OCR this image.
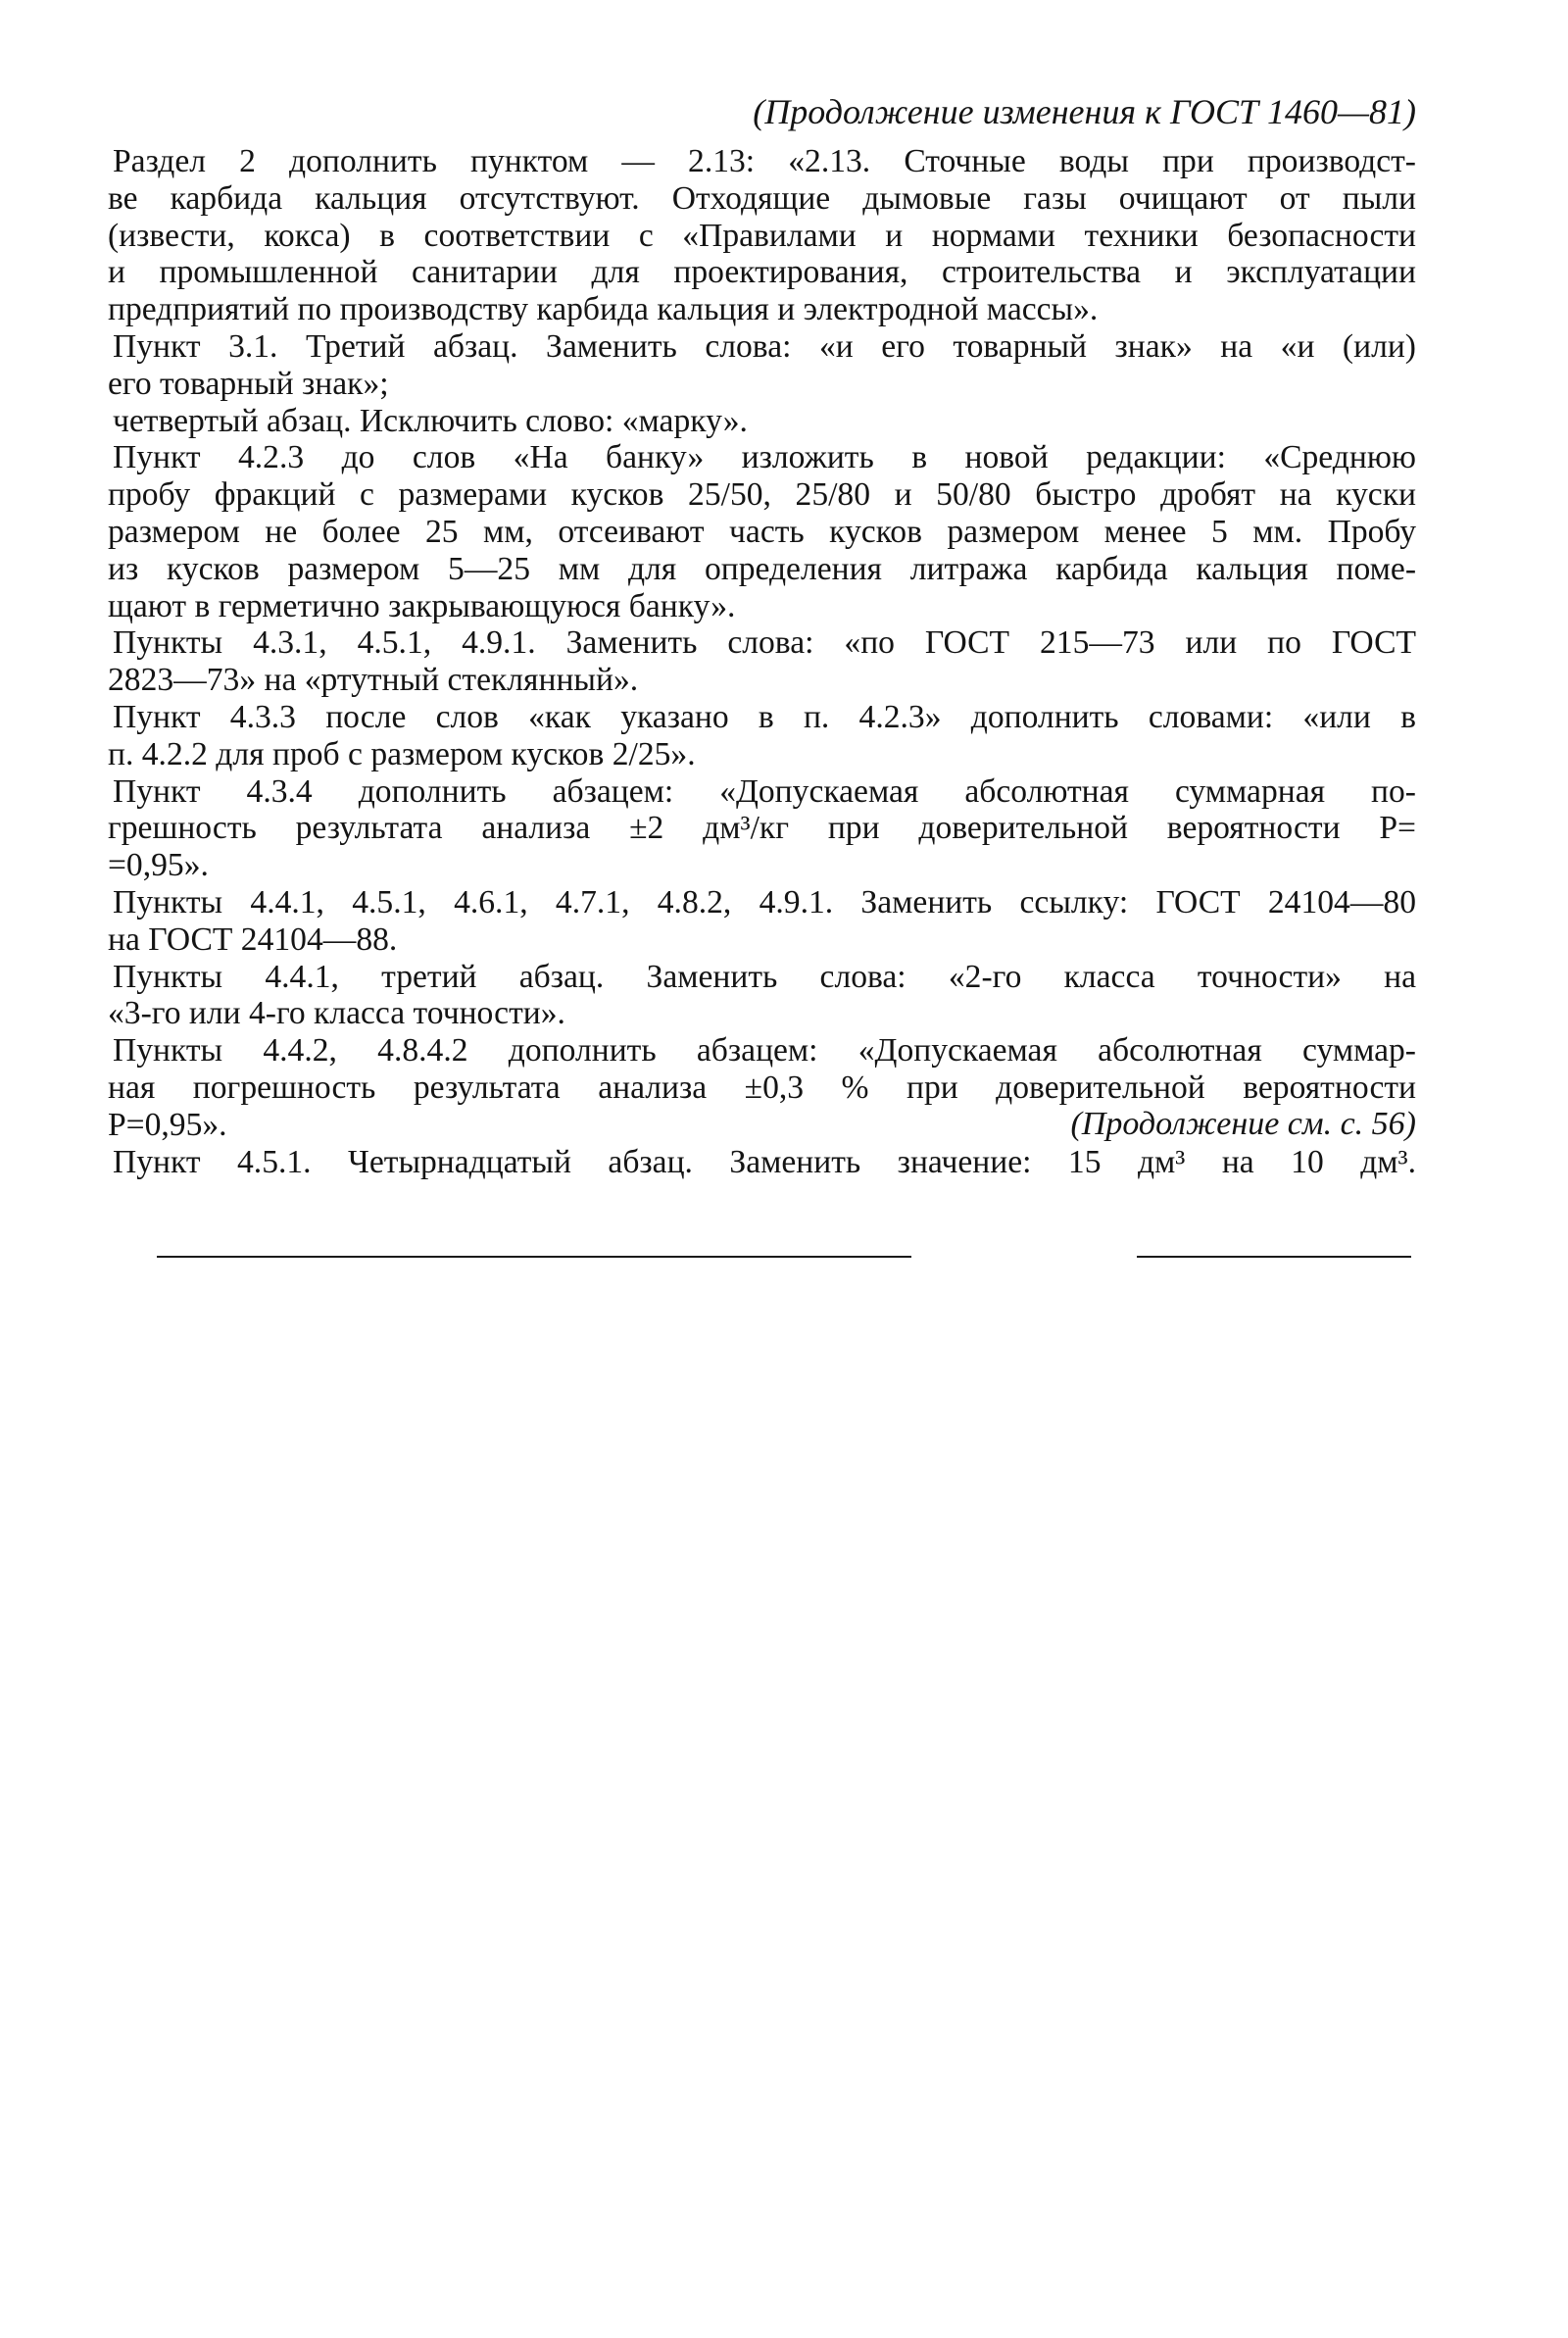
(Продолжение изменения к ГОСТ 1460—81)

Раздел 2 дополнить пунктом — 2.13: «2.13. Сточные воды при производст-
ве карбида кальция отсутствуют. Отходящие дымовые газы очищают от пыли
(извести, кокса) в соответствии с «Правилами и нормами техники безопасности
и промышленной санитарии для проектирования, строительства и эксплуатации
предприятий по производству карбида кальция и электродной массы».

Пункт 3.1. Третий абзац. Заменить слова: «и его товарный знак» на «и (или)
его товарный знак»;

четвертый абзац. Исключить слово: «марку».

Пункт 4.2.3 до слов «На банку» изложить в новой редакции: «Среднюю
пробу фракций с размерами кусков 25/50, 25/80 и 50/80 быстро дробят на куски
размером не более 25 мм, отсеивают часть кусков размером менее 5 мм. Пробу
из кусков размером 5—25 мм для определения литража карбида кальция поме-
щают в герметично закрывающуюся банку».

Пункты 4.3.1, 4.5.1, 4.9.1. Заменить слова: «по ГОСТ 215—73 или по ГОСТ
2823—73» на «ртутный стеклянный».

Пункт 4.3.3 после слов «как указано в п. 4.2.3» дополнить словами: «или в
п. 4.2.2 для проб с размером кусков 2/25».

Пункт 4.3.4 дополнить абзацем: «Допускаемая абсолютная суммарная по-
грешность результата анализа ±2 дм³/кг при доверительной вероятности Р=
=0,95».

Пункты 4.4.1, 4.5.1, 4.6.1, 4.7.1, 4.8.2, 4.9.1. Заменить ссылку: ГОСТ 24104—80
на ГОСТ 24104—88.

Пункты 4.4.1, третий абзац. Заменить слова: «2-го класса точности» на
«3-го или 4-го класса точности».

Пункты 4.4.2, 4.8.4.2 дополнить абзацем: «Допускаемая абсолютная суммар-
ная погрешность результата анализа ±0,3 % при доверительной вероятности
Р=0,95».

Пункт 4.5.1. Четырнадцатый абзац. Заменить значение: 15 дм³ на 10 дм³.

(Продолжение см. с. 56)
